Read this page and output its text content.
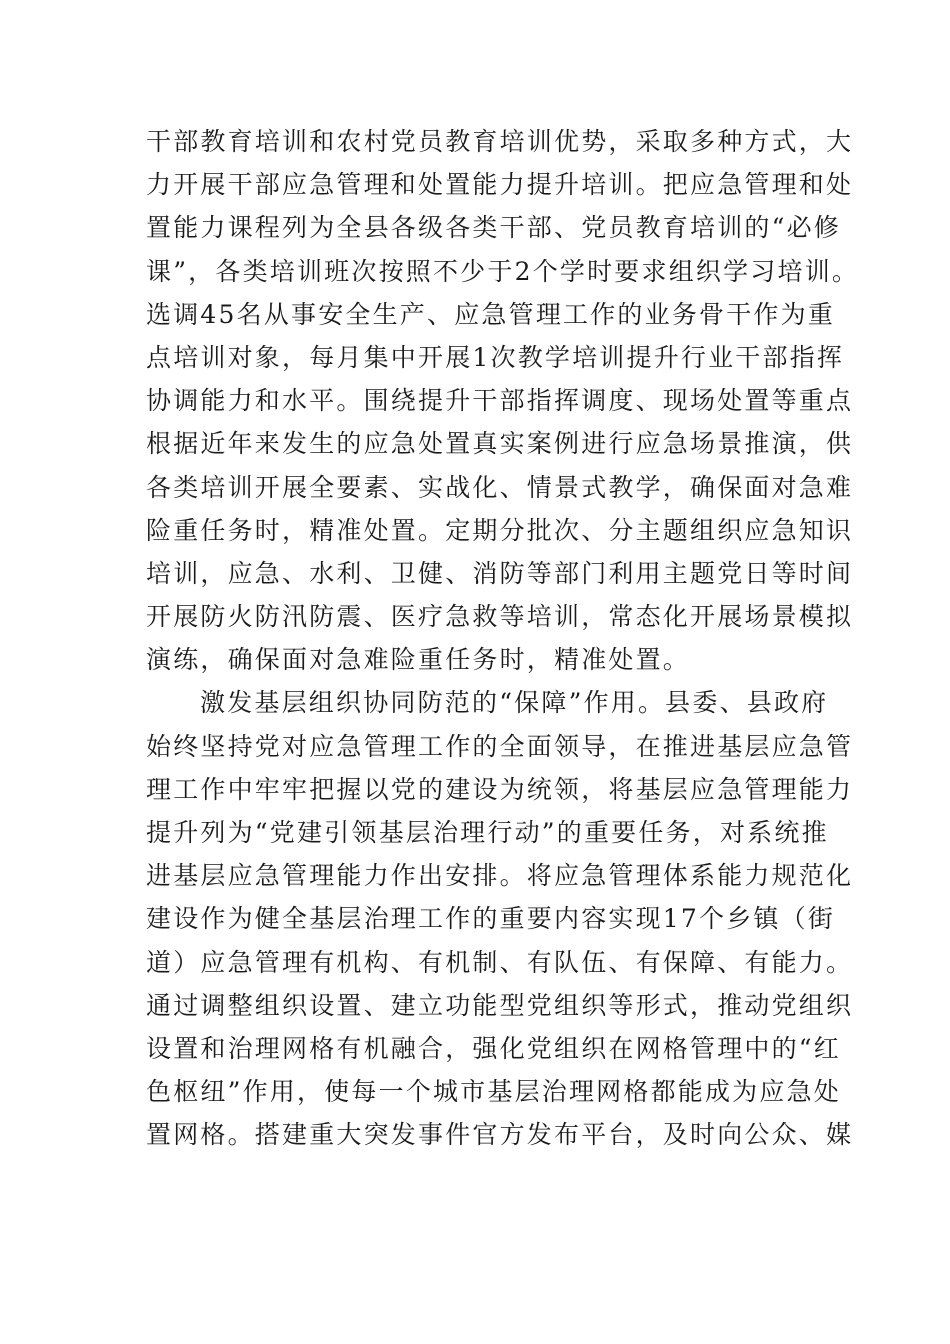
干部教育培训和农村党员教育培训优势，采取多种方式，大
力开展干部应急管理和处置能力提升培训。把应急管理和处
置能力课程列为全县各级各类干部、党员教育培训的“必修
课”，各类培训班次按照不少于2个学时要求组织学习培训。
选调45名从事安全生产、应急管理工作的业务骨干作为重
点培训对象，每月集中开展1次教学培训提升行业干部指挥
协调能力和水平。围绕提升干部指挥调度、现场处置等重点
根据近年来发生的应急处置真实案例进行应急场景推演，供
各类培训开展全要素、实战化、情景式教学，确保面对急难
险重任务时，精准处置。定期分批次、分主题组织应急知识
培训，应急、水利、卫健、消防等部门利用主题党日等时间
开展防火防汛防震、医疗急救等培训，常态化开展场景模拟
演练，确保面对急难险重任务时，精准处置。
激发基层组织协同防范的“保障”作用。县委、县政府
始终坚持党对应急管理工作的全面领导，在推进基层应急管
理工作中牢牢把握以党的建设为统领，将基层应急管理能力
提升列为“党建引领基层治理行动”的重要任务，对系统推
进基层应急管理能力作出安排。将应急管理体系能力规范化
建设作为健全基层治理工作的重要内容实现17个乡镇（街
道）应急管理有机构、有机制、有队伍、有保障、有能力。
通过调整组织设置、建立功能型党组织等形式，推动党组织
设置和治理网格有机融合，强化党组织在网格管理中的“红
色枢纽”作用，使每一个城市基层治理网格都能成为应急处
置网格。搭建重大突发事件官方发布平台，及时向公众、媒
